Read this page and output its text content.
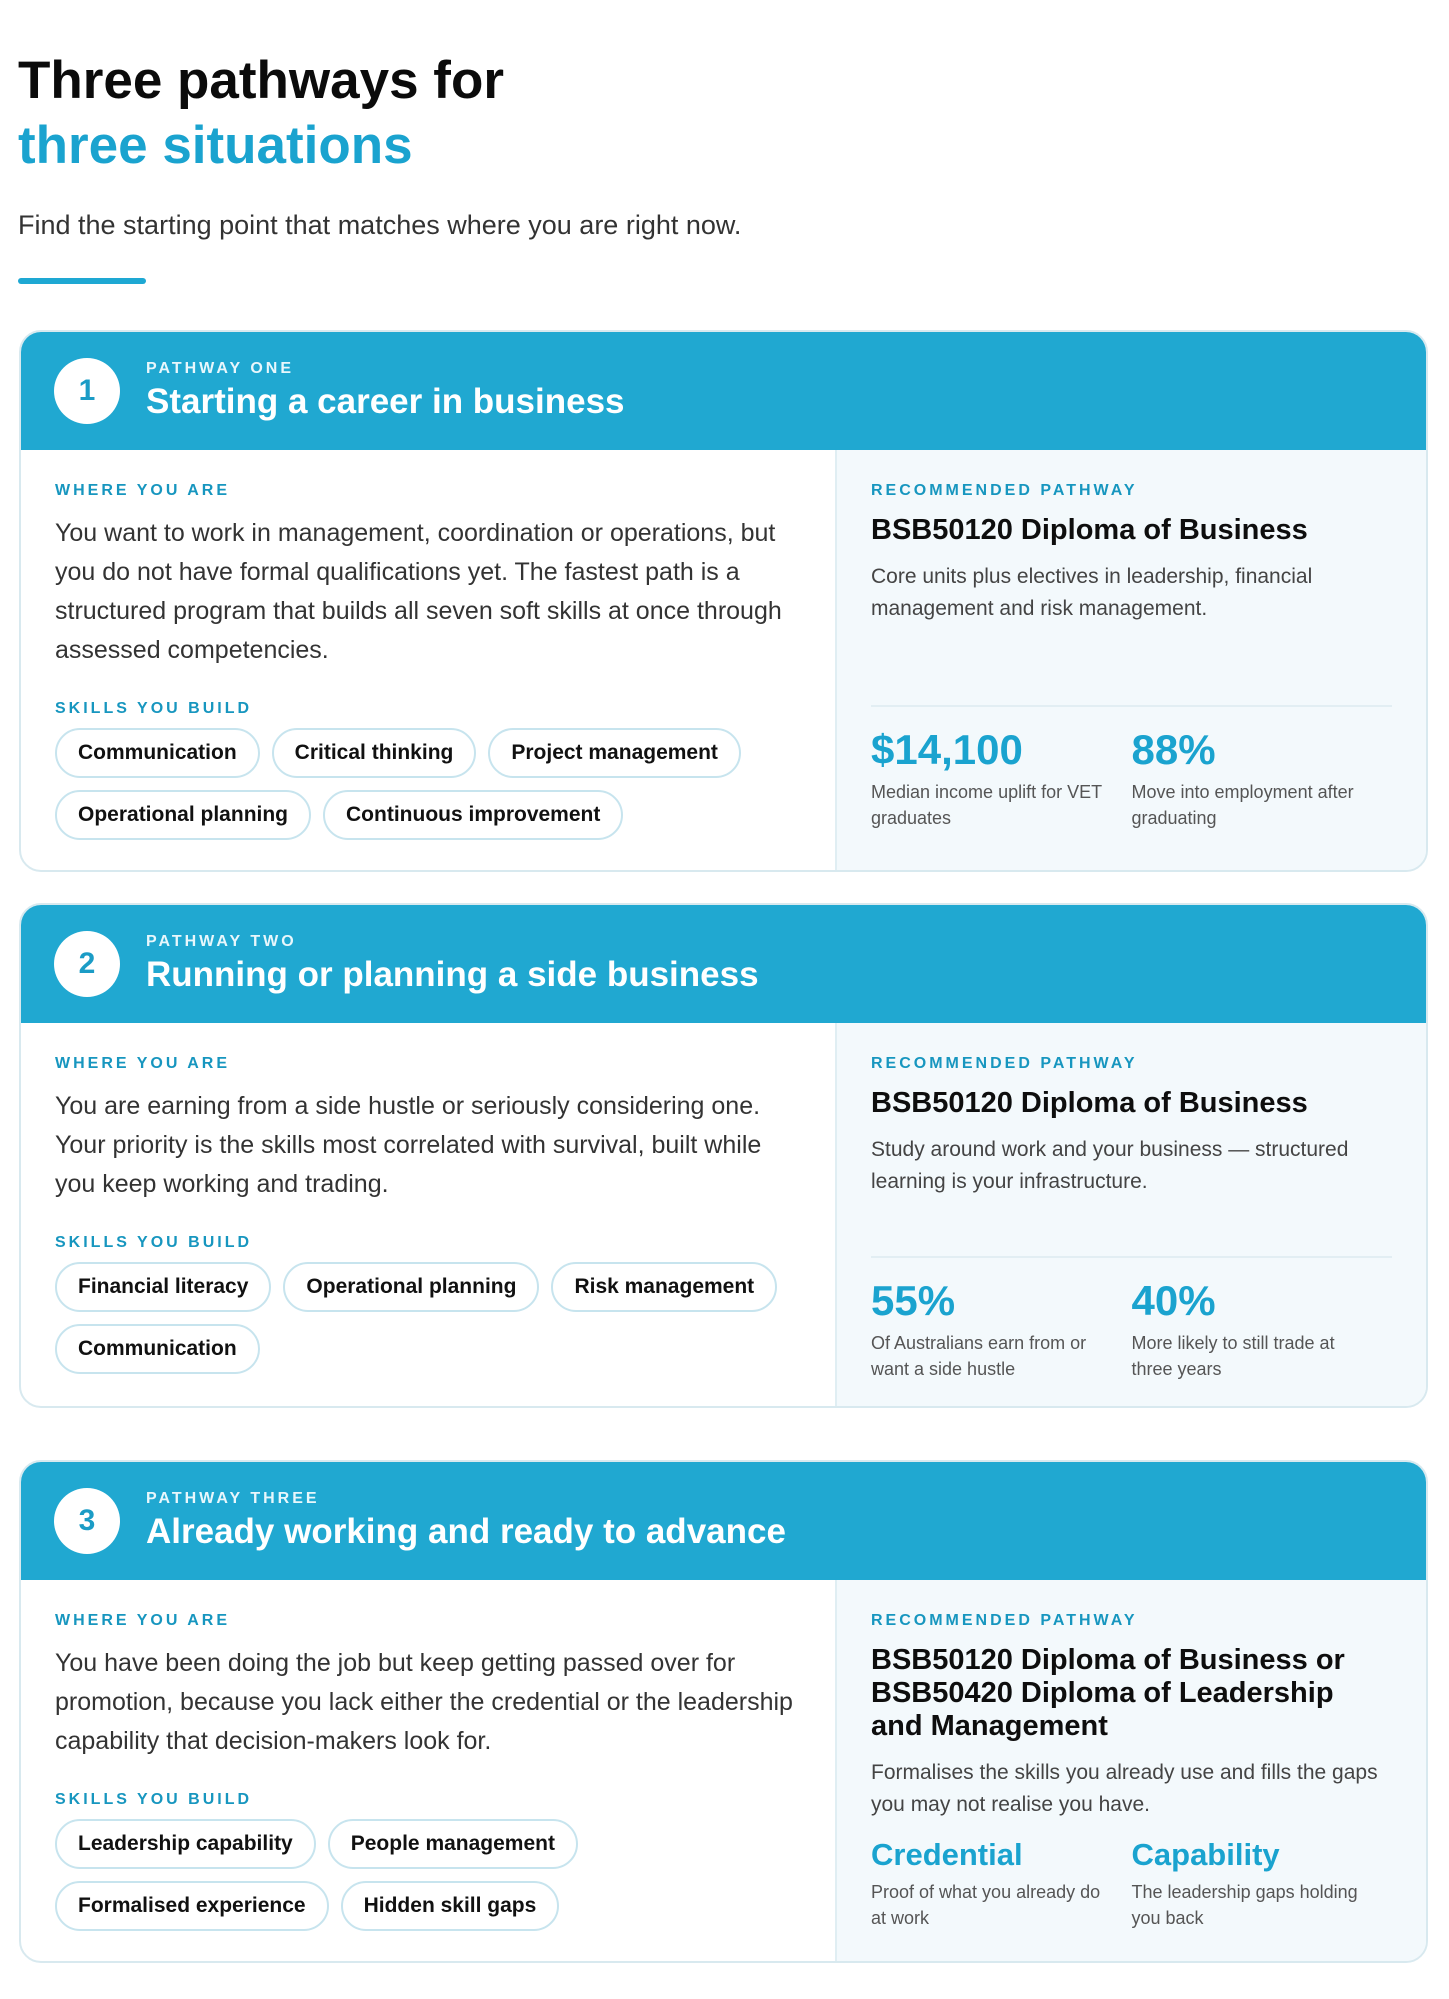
Three pathways for
three situations
Find the starting point that matches where you are right now.
1
PATHWAY ONE
Starting a career in business
WHERE YOU ARE
You want to work in management, coordination or operations, but you do not have formal qualifications yet. The fastest path is a structured program that builds all seven soft skills at once through assessed competencies.
SKILLS YOU BUILD
Communication	Critical thinking	Project management
Operational planning	Continuous improvement
RECOMMENDED PATHWAY
BSB50120 Diploma of Business
Core units plus electives in leadership, financial management and risk management.
$14,100
Median income uplift for VET graduates
88%
Move into employment after graduating
2
PATHWAY TWO
Running or planning a side business
WHERE YOU ARE
You are earning from a side hustle or seriously considering one. Your priority is the skills most correlated with survival, built while you keep working and trading.
SKILLS YOU BUILD
Financial literacy	Operational planning	Risk management
Communication
RECOMMENDED PATHWAY
BSB50120 Diploma of Business
Study around work and your business — structured learning is your infrastructure.
55%
Of Australians earn from or want a side hustle
40%
More likely to still trade at three years
3
PATHWAY THREE
Already working and ready to advance
WHERE YOU ARE
You have been doing the job but keep getting passed over for promotion, because you lack either the credential or the leadership capability that decision-makers look for.
SKILLS YOU BUILD
Leadership capability	People management
Formalised experience	Hidden skill gaps
RECOMMENDED PATHWAY
BSB50120 Diploma of Business or BSB50420 Diploma of Leadership and Management
Formalises the skills you already use and fills the gaps you may not realise you have.
Credential
Proof of what you already do at work
Capability
The leadership gaps holding you back
